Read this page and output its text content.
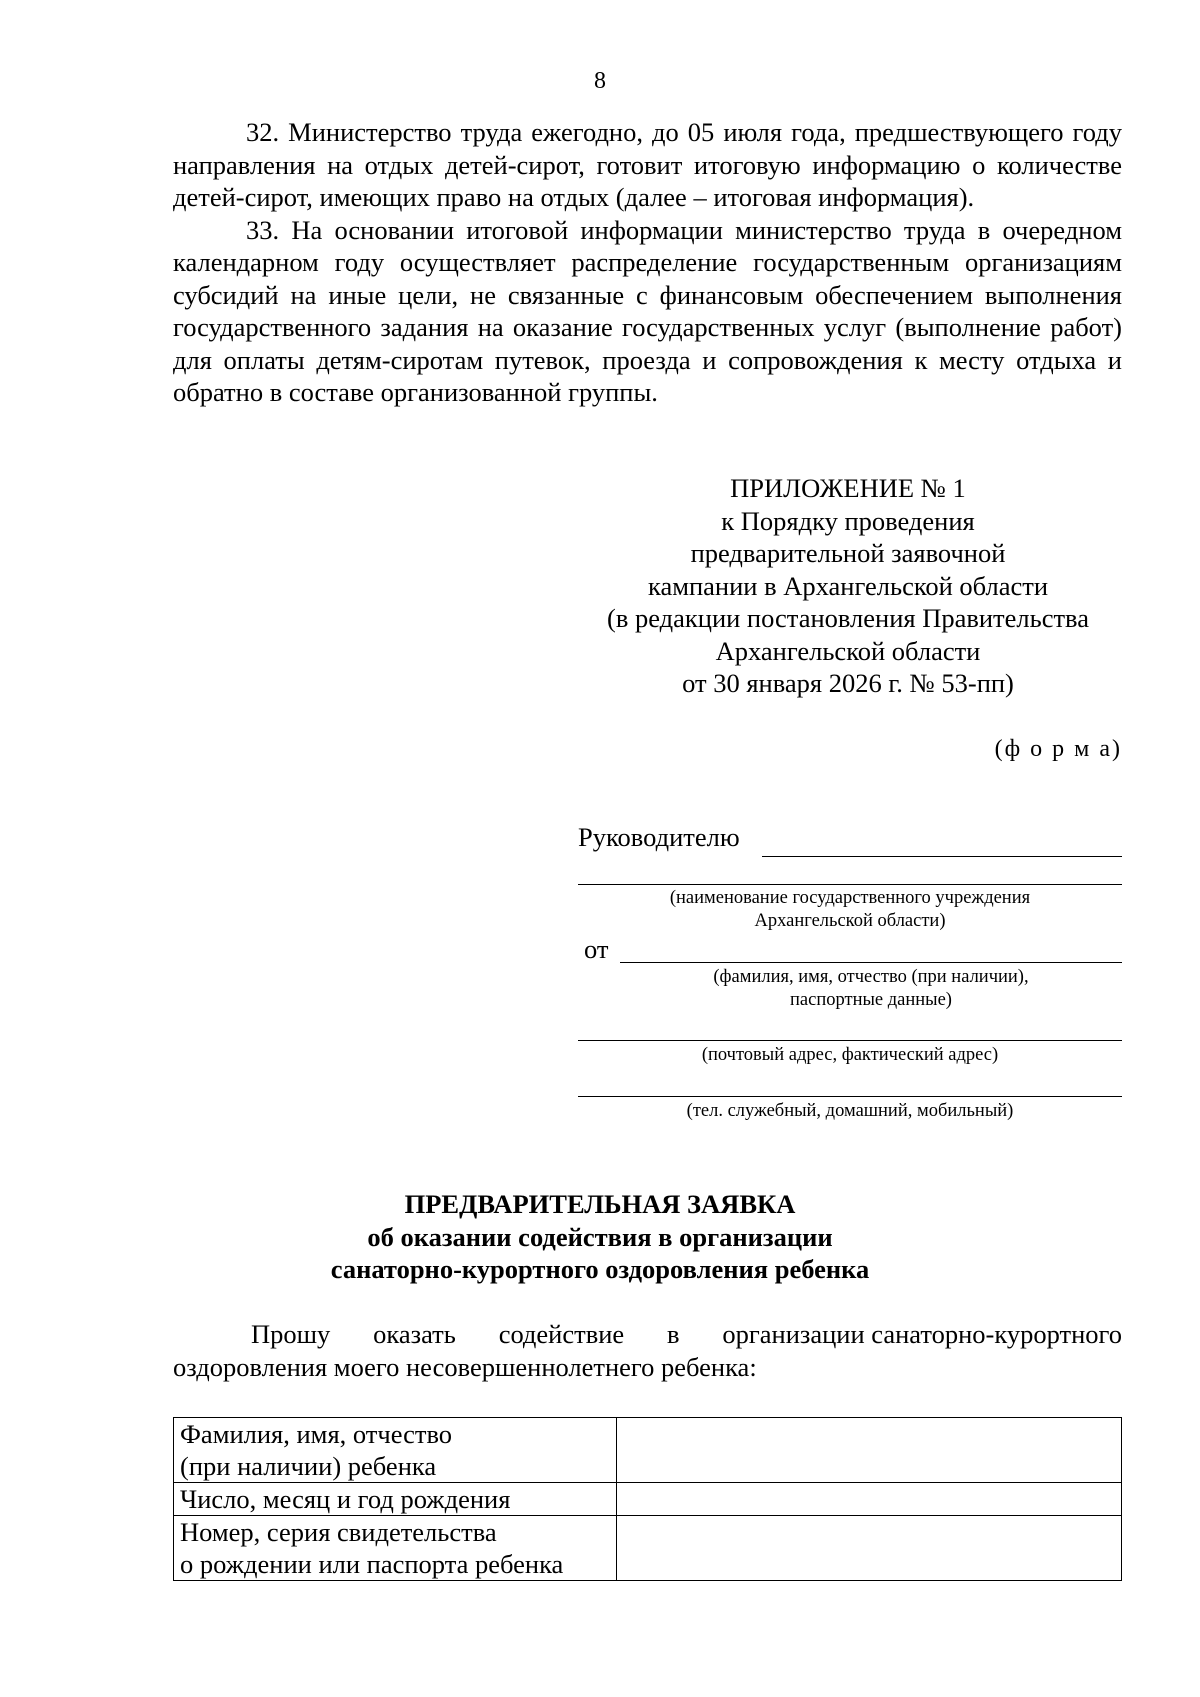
8

32. Министерство труда ежегодно, до 05 июля года, предшествующего году направления на отдых детей-сирот, готовит итоговую информацию о количестве детей-сирот, имеющих право на отдых (далее – итоговая информация).

33. На основании итоговой информации министерство труда в очередном календарном году осуществляет распределение государственным организациям субсидий на иные цели, не связанные с финансовым обеспечением выполнения государственного задания на оказание государственных услуг (выполнение работ) для оплаты детям-сиротам путевок, проезда и сопровождения к месту отдыха и обратно в составе организованной группы.

ПРИЛОЖЕНИЕ № 1
к Порядку проведения
предварительной заявочной
кампании в Архангельской области
(в редакции постановления Правительства
Архангельской области
от 30 января 2026 г. № 53-пп)
(ф о р м а)
Руководителю
(наименование государственного учреждения
Архангельской области)
от
(фамилия, имя, отчество (при наличии),
паспортные данные)
(почтовый адрес, фактический адрес)
(тел. служебный, домашний, мобильный)
ПРЕДВАРИТЕЛЬНАЯ ЗАЯВКА
об оказании содействия в организации
санаторно-курортного оздоровления ребенка
Прошу оказать содействие в организации санаторно-курортного
оздоровления моего несовершеннолетнего ребенка:
Фамилия, имя, отчество
(при наличии) ребенка	

Число, месяц и год рождения	

Номер, серия свидетельства
о рождении или паспорта ребенка	
